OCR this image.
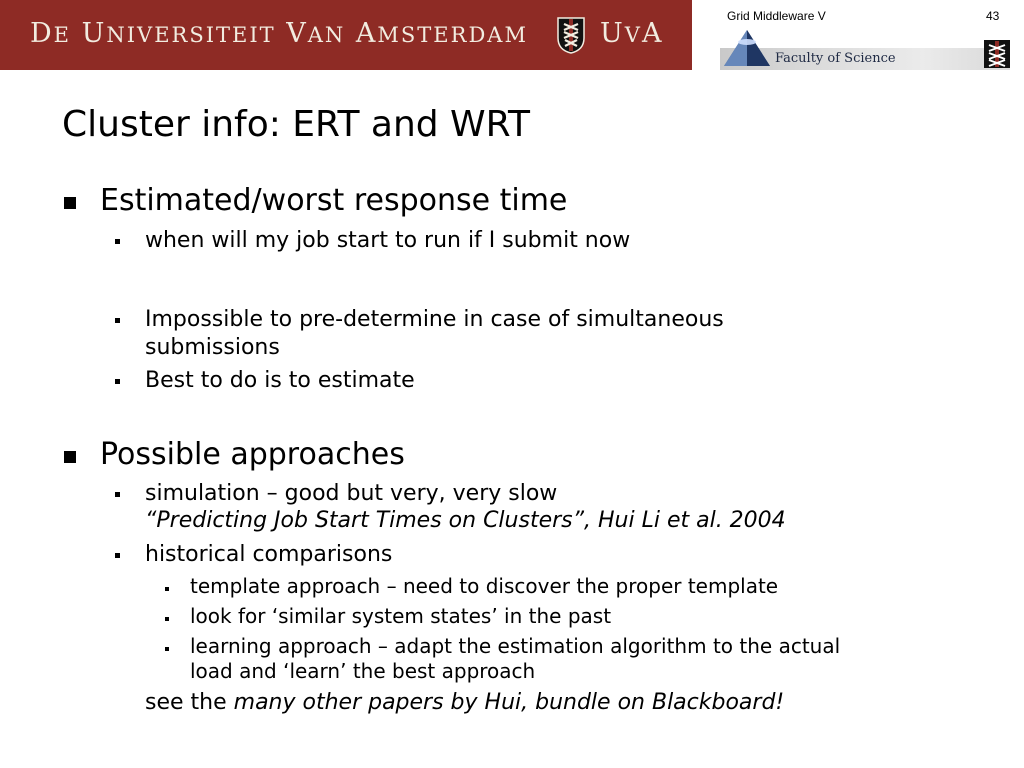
DE UNIVERSITEIT VAN AMSTERDAM	UVA
Grid Middleware V	43
Faculty of Science
Cluster info: ERT and WRT
Estimated/worst response time
when will my job start to run if I submit now
Impossible to pre-determine in case of simultaneous
submissions
Best to do is to estimate
Possible approaches
simulation – good but very, very slow
“Predicting Job Start Times on Clusters”, Hui Li et al. 2004
historical comparisons
template approach – need to discover the proper template
look for ‘similar system states’ in the past
learning approach – adapt the estimation algorithm to the actual
load and ‘learn’ the best approach
see the many other papers by Hui, bundle on Blackboard!
